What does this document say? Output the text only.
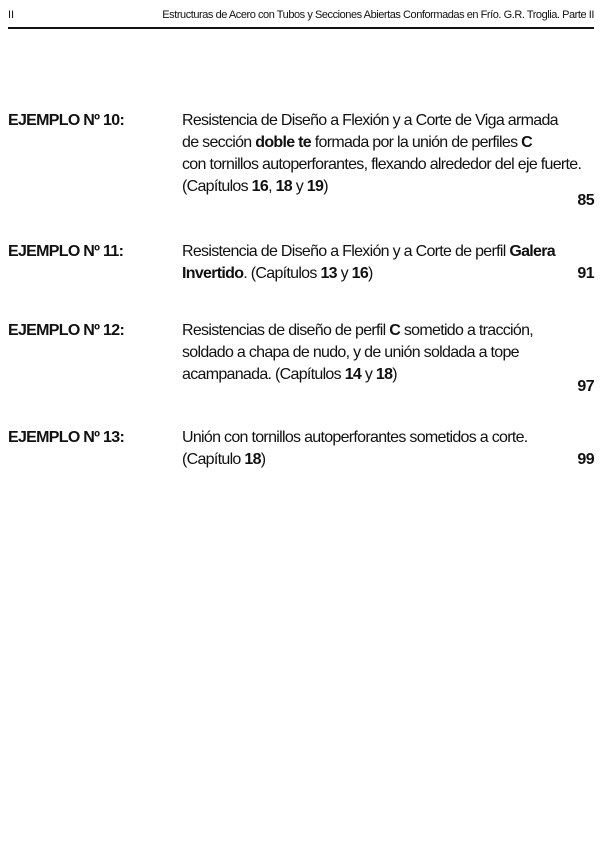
II	Estructuras de Acero con Tubos y Secciones Abiertas Conformadas en Frío. G.R. Troglia. Parte II
EJEMPLO Nº 10:	Resistencia de Diseño a Flexión y a Corte de Viga armada
de sección doble te formada por la unión de perfiles C
con tornillos autoperforantes, flexando alrededor del eje fuerte.
(Capítulos 16, 18 y 19)
85
EJEMPLO Nº 11:	Resistencia de Diseño a Flexión y a Corte de perfil Galera
Invertido. (Capítulos 13 y 16)	91
EJEMPLO Nº 12:	Resistencias de diseño de perfil C sometido a tracción,
soldado a chapa de nudo, y de unión soldada a tope
acampanada. (Capítulos 14 y 18)
97
EJEMPLO Nº 13:	Unión con tornillos autoperforantes sometidos a corte.
(Capítulo 18)	99
